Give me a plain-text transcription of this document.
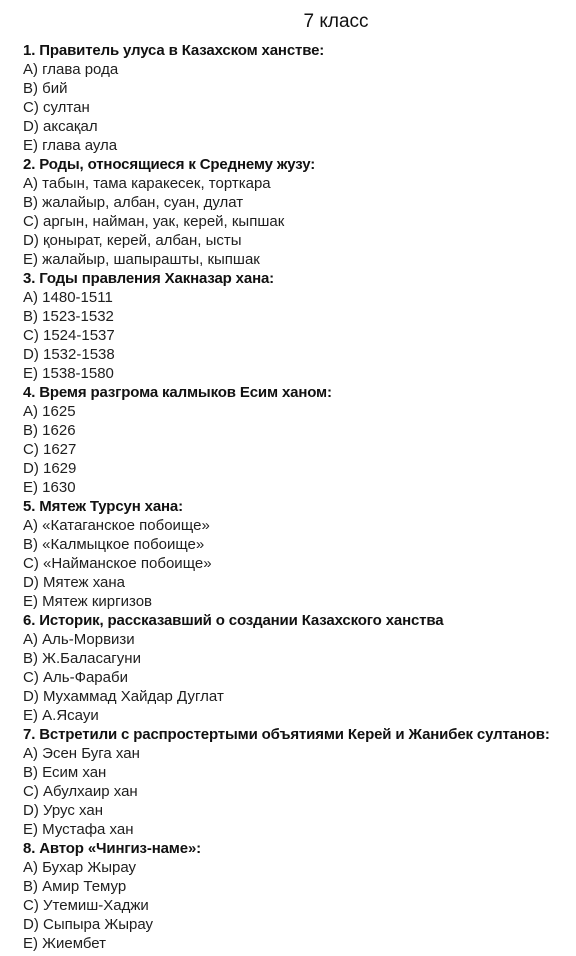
7 класс
1. Правитель улуса в Казахском ханстве:
A) глава рода
B) бий
C) султан
D) аксақал
E) глава аула
2. Роды, относящиеся к Среднему жузу:
A) табын, тама каракесек, торткара
B) жалайыр, албан, суан, дулат
C) аргын, найман, уак, керей, кыпшак
D) қонырат, керей, албан, ысты
E) жалайыр, шапырашты, кыпшак
3. Годы правления Хакназар хана:
A) 1480-1511
B) 1523-1532
C) 1524-1537
D) 1532-1538
E) 1538-1580
4. Время разгрома калмыков Есим ханом:
A) 1625
B) 1626
C) 1627
D) 1629
E) 1630
5. Мятеж Турсун хана:
A) «Катаганское побоище»
B) «Калмыцкое побоище»
C) «Найманское побоище»
D) Мятеж хана
E) Мятеж киргизов
6. Историк, рассказавший о создании Казахского ханства
A) Аль-Морвизи
B) Ж.Баласагуни
C) Аль-Фараби
D) Мухаммад Хайдар Дуглат
E) А.Ясауи
7. Встретили с распростертыми объятиями Керей и Жанибек султанов:
A) Эсен Буга хан
B) Есим хан
C) Абулхаир хан
D) Урус хан
E) Мустафа хан
8. Автор «Чингиз-наме»:
A) Бухар Жырау
B) Амир Темур
C) Утемиш-Хаджи
D) Сыпыра Жырау
E) Жиембет
